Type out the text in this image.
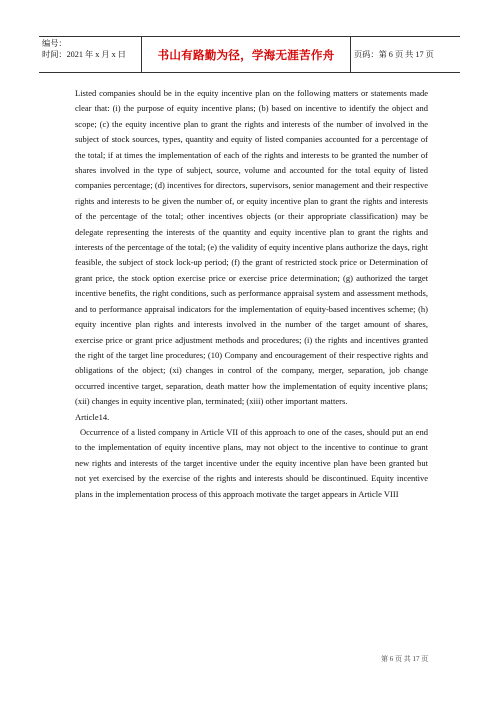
编号：
时间：2021 年 x 月 x 日	书山有路勤为径，学海无涯苦作舟	页码：第 6 页 共 17 页

Listed companies should be in the equity incentive plan on the following matters or statements made clear that: (i) the purpose of equity incentive plans; (b) based on incentive to identify the object and scope; (c) the equity incentive plan to grant the rights and interests of the number of involved in the subject of stock sources, types, quantity and equity of listed companies accounted for a percentage of the total; if at times the implementation of each of the rights and interests to be granted the number of shares involved in the type of subject, source, volume and accounted for the total equity of listed companies percentage; (d) incentives for directors, supervisors, senior management and their respective rights and interests to be given the number of, or equity incentive plan to grant the rights and interests of the percentage of the total; other incentives objects (or their appropriate classification) may be delegate representing the interests of the quantity and equity incentive plan to grant the rights and interests of the percentage of the total; (e) the validity of equity incentive plans authorize the days, right feasible, the subject of stock lock-up period; (f) the grant of restricted stock price or Determination of grant price, the stock option exercise price or exercise price determination; (g) authorized the target incentive benefits, the right conditions, such as performance appraisal system and assessment methods, and to performance appraisal indicators for the implementation of equity-based incentives scheme; (h) equity incentive plan rights and interests involved in the number of the target amount of shares, exercise price or grant price adjustment methods and procedures; (i) the rights and incentives granted the right of the target line procedures; (10) Company and encouragement of their respective rights and obligations of the object; (xi) changes in control of the company, merger, separation, job change occurred incentive target, separation, death matter how the implementation of equity incentive plans; (xii) changes in equity incentive plan, terminated; (xiii) other important matters.

Article14.

Occurrence of a listed company in Article VII of this approach to one of the cases, should put an end to the implementation of equity incentive plans, may not object to the incentive to continue to grant new rights and interests of the target incentive under the equity incentive plan have been granted but not yet exercised by the exercise of the rights and interests should be discontinued. Equity incentive plans in the implementation process of this approach motivate the target appears in Article VIII

第 6 页 共 17 页
